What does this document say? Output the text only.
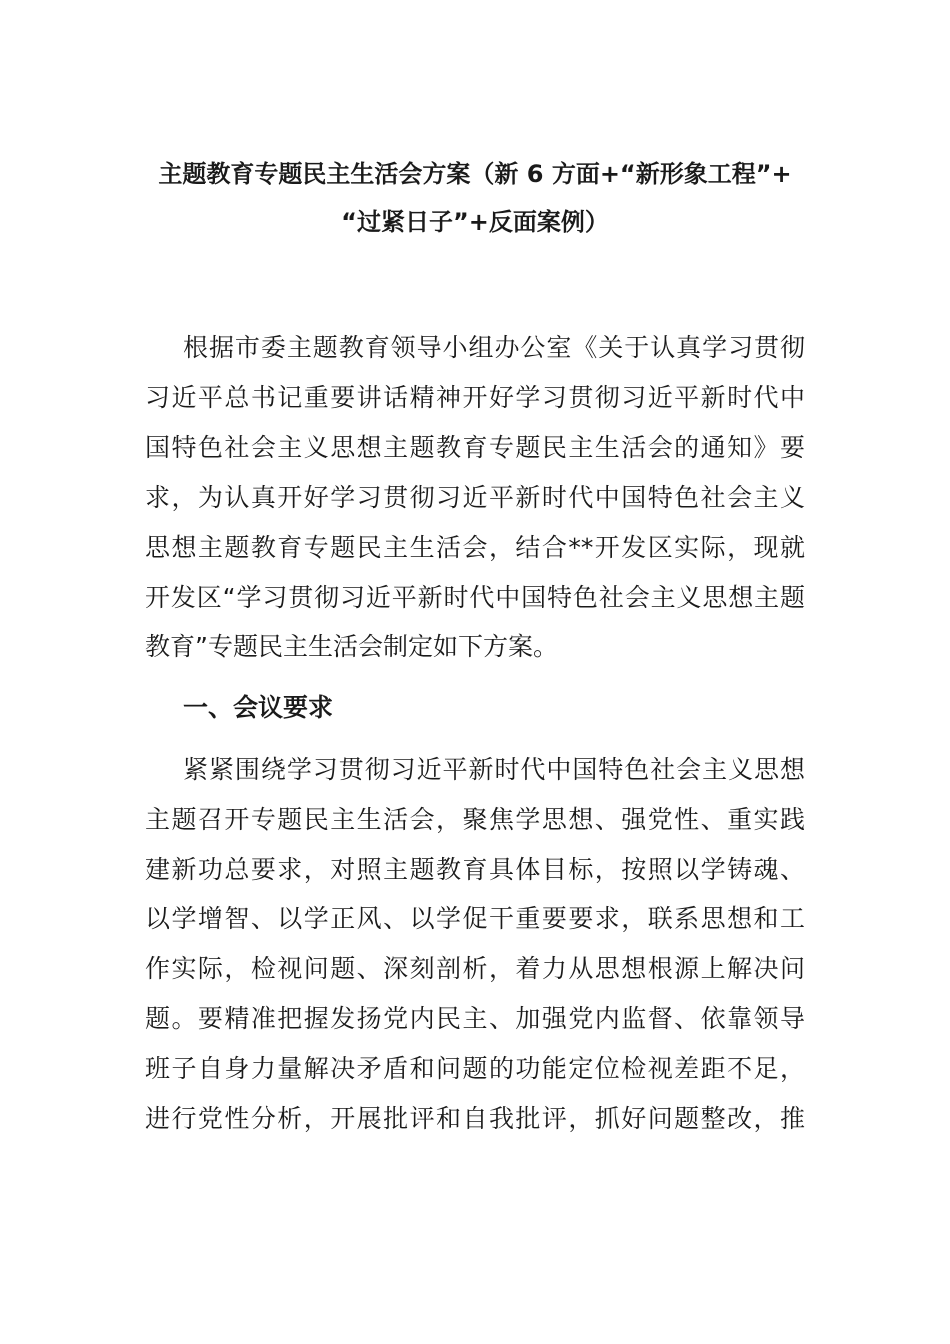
主题教育专题民主生活会方案（新 6 方面+“新形象工程”+
“过紧日子”+反面案例）
根据市委主题教育领导小组办公室《关于认真学习贯彻
习近平总书记重要讲话精神开好学习贯彻习近平新时代中
国特色社会主义思想主题教育专题民主生活会的通知》要
求，为认真开好学习贯彻习近平新时代中国特色社会主义
思想主题教育专题民主生活会，结合**开发区实际，现就
开发区“学习贯彻习近平新时代中国特色社会主义思想主题
教育”专题民主生活会制定如下方案。
一、会议要求
紧紧围绕学习贯彻习近平新时代中国特色社会主义思想
主题召开专题民主生活会，聚焦学思想、强党性、重实践
建新功总要求，对照主题教育具体目标，按照以学铸魂、
以学增智、以学正风、以学促干重要要求，联系思想和工
作实际，检视问题、深刻剖析，着力从思想根源上解决问
题。要精准把握发扬党内民主、加强党内监督、依靠领导
班子自身力量解决矛盾和问题的功能定位检视差距不足，
进行党性分析，开展批评和自我批评，抓好问题整改，推
